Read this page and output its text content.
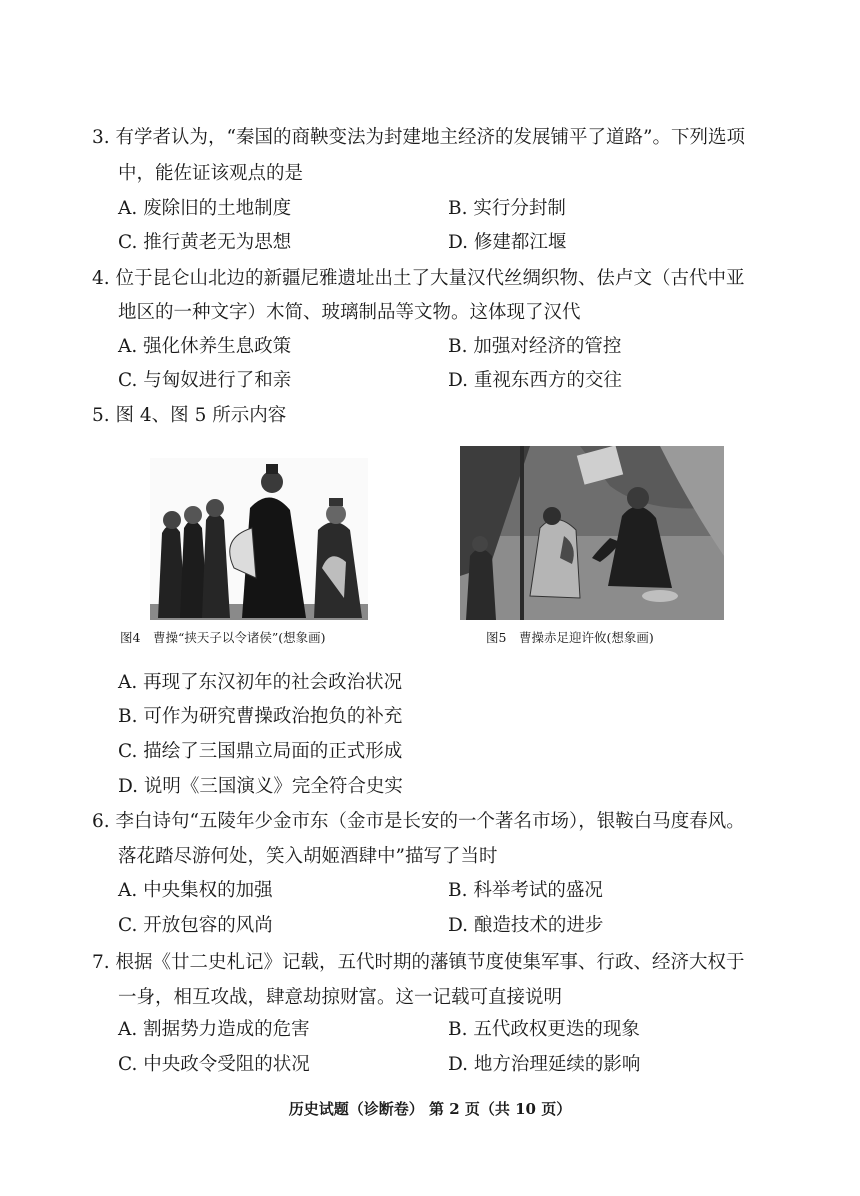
3. 有学者认为，“秦国的商鞅变法为封建地主经济的发展铺平了道路”。下列选项
中，能佐证该观点的是
A. 废除旧的土地制度	B. 实行分封制
C. 推行黄老无为思想	D. 修建都江堰
4. 位于昆仑山北边的新疆尼雅遗址出土了大量汉代丝绸织物、佉卢文（古代中亚
地区的一种文字）木简、玻璃制品等文物。这体现了汉代
A. 强化休养生息政策	B. 加强对经济的管控
C. 与匈奴进行了和亲	D. 重视东西方的交往
5. 图 4、图 5 所示内容
图4　曹操“挟天子以令诸侯”(想象画)	图5　曹操赤足迎许攸(想象画)
A. 再现了东汉初年的社会政治状况
B. 可作为研究曹操政治抱负的补充
C. 描绘了三国鼎立局面的正式形成
D. 说明《三国演义》完全符合史实
6. 李白诗句“五陵年少金市东（金市是长安的一个著名市场），银鞍白马度春风。
落花踏尽游何处，笑入胡姬酒肆中”描写了当时
A. 中央集权的加强	B. 科举考试的盛况
C. 开放包容的风尚	D. 酿造技术的进步
7. 根据《廿二史札记》记载，五代时期的藩镇节度使集军事、行政、经济大权于
一身，相互攻战，肆意劫掠财富。这一记载可直接说明
A. 割据势力造成的危害	B. 五代政权更迭的现象
C. 中央政令受阻的状况	D. 地方治理延续的影响
历史试题（诊断卷） 第 2 页（共 10 页）
